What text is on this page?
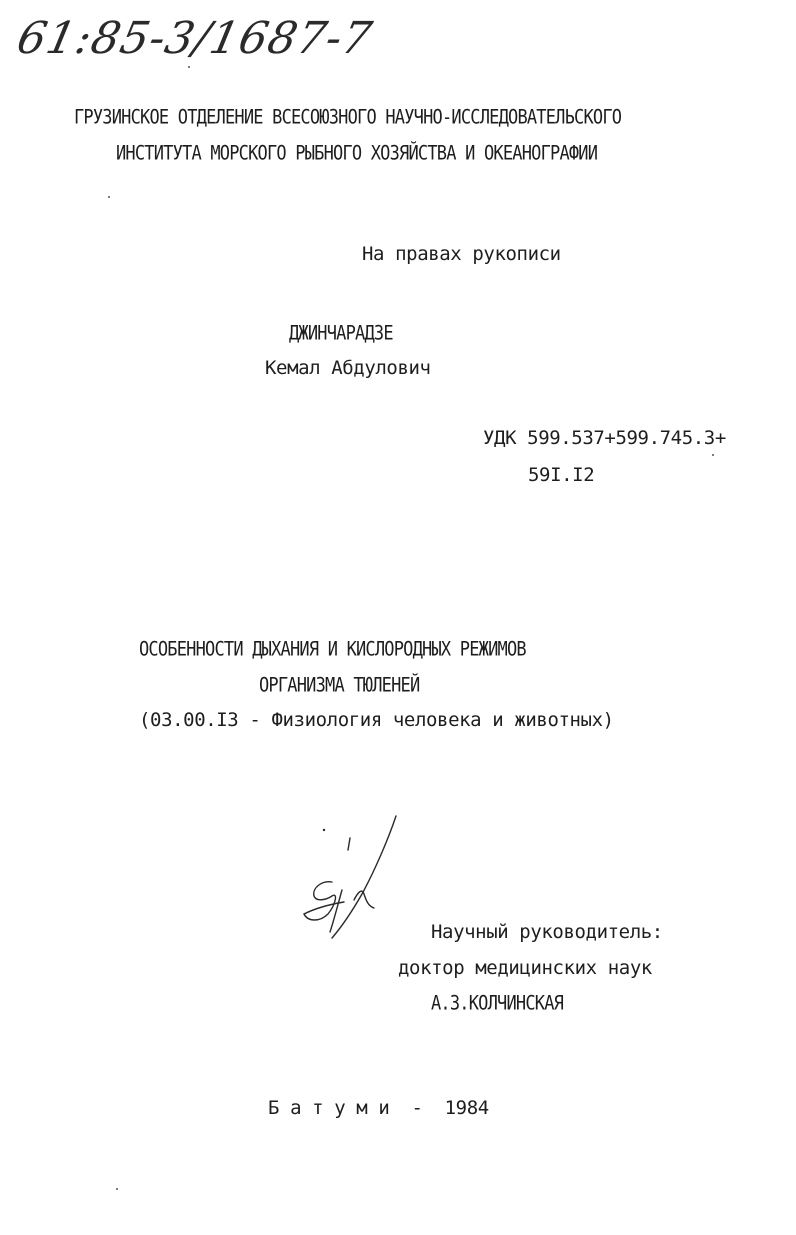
61:85-3/1687-7
ГРУЗИНСКОЕ ОТДЕЛЕНИЕ ВСЕСОЮЗНОГО НАУЧНО-ИССЛЕДОВАТЕЛЬСКОГО
ИНСТИТУТА МОРСКОГО РЫБНОГО ХОЗЯЙСТВА И ОКЕАНОГРАФИИ
На правах рукописи
ДЖИНЧАРАДЗЕ
Кемал Абдулович
УДК 599.537+599.745.3+
59I.I2
ОСОБЕННОСТИ ДЫХАНИЯ И КИСЛОРОДНЫХ РЕЖИМОВ
ОРГАНИЗМА ТЮЛЕНЕЙ
(03.00.I3 - Физиология человека и животных)
Научный руководитель:
доктор медицинских наук
А.З.КОЛЧИНСКАЯ
Б а т у м и  -  1984
